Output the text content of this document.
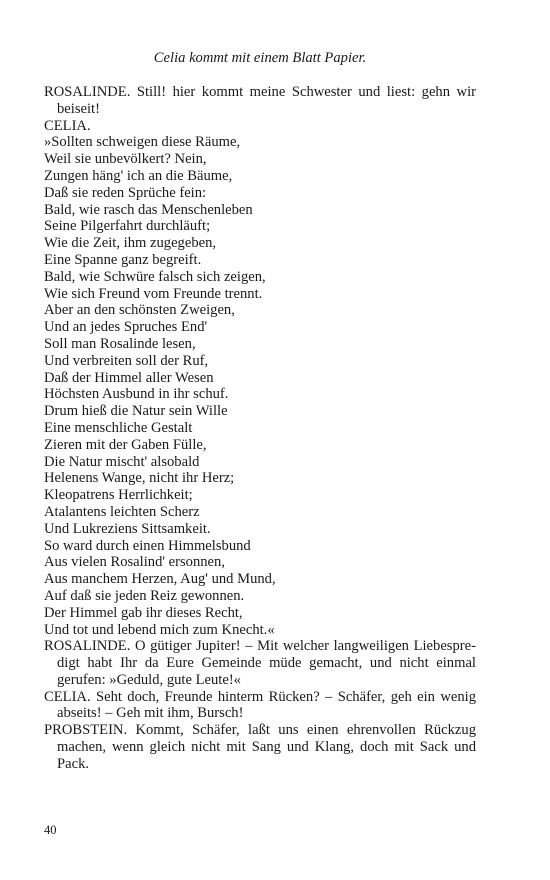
Celia kommt mit einem Blatt Papier.

ROSALINDE. Still! hier kommt meine Schwester und liest: gehn wir beiseit!

CELIA.

»Sollten schweigen diese Räume,

Weil sie unbevölkert? Nein,

Zungen häng' ich an die Bäume,

Daß sie reden Sprüche fein:

Bald, wie rasch das Menschenleben

Seine Pilgerfahrt durchläuft;

Wie die Zeit, ihm zugegeben,

Eine Spanne ganz begreift.

Bald, wie Schwüre falsch sich zeigen,

Wie sich Freund vom Freunde trennt.

Aber an den schönsten Zweigen,

Und an jedes Spruches End'

Soll man Rosalinde lesen,

Und verbreiten soll der Ruf,

Daß der Himmel aller Wesen

Höchsten Ausbund in ihr schuf.

Drum hieß die Natur sein Wille

Eine menschliche Gestalt

Zieren mit der Gaben Fülle,

Die Natur mischt' alsobald

Helenens Wange, nicht ihr Herz;

Kleopatrens Herrlichkeit;

Atalantens leichten Scherz

Und Lukreziens Sittsamkeit.

So ward durch einen Himmelsbund

Aus vielen Rosalind' ersonnen,

Aus manchem Herzen, Aug' und Mund,

Auf daß sie jeden Reiz gewonnen.

Der Himmel gab ihr dieses Recht,

Und tot und lebend mich zum Knecht.«

ROSALINDE. O gütiger Jupiter! – Mit welcher langweiligen Liebespredigt habt Ihr da Eure Gemeinde müde gemacht, und nicht einmal gerufen: »Geduld, gute Leute!«

CELIA. Seht doch, Freunde hinterm Rücken? – Schäfer, geh ein wenig abseits! – Geh mit ihm, Bursch!

PROBSTEIN. Kommt, Schäfer, laßt uns einen ehrenvollen Rückzug machen, wenn gleich nicht mit Sang und Klang, doch mit Sack und Pack.

40
